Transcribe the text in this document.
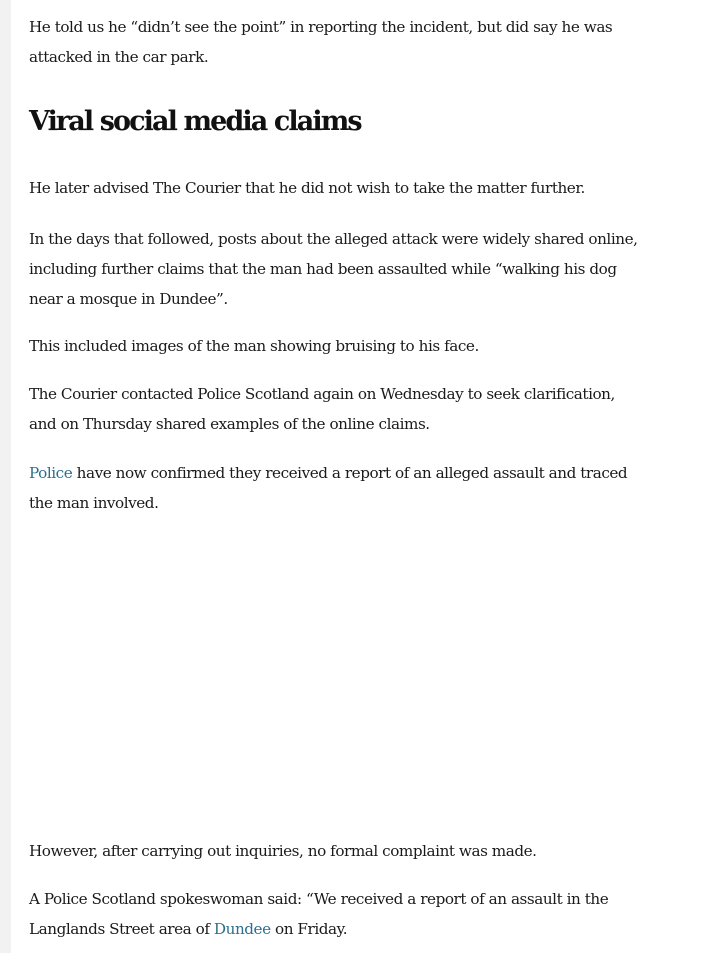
He told us he “didn’t see the point” in reporting the incident, but did say he was
attacked in the car park.

Viral social media claims

He later advised The Courier that he did not wish to take the matter further.

In the days that followed, posts about the alleged attack were widely shared online,
including further claims that the man had been assaulted while “walking his dog
near a mosque in Dundee”.

This included images of the man showing bruising to his face.

The Courier contacted Police Scotland again on Wednesday to seek clarification,
and on Thursday shared examples of the online claims.

Police have now confirmed they received a report of an alleged assault and traced
the man involved.

However, after carrying out inquiries, no formal complaint was made.

A Police Scotland spokeswoman said: “We received a report of an assault in the
Langlands Street area of Dundee on Friday.
